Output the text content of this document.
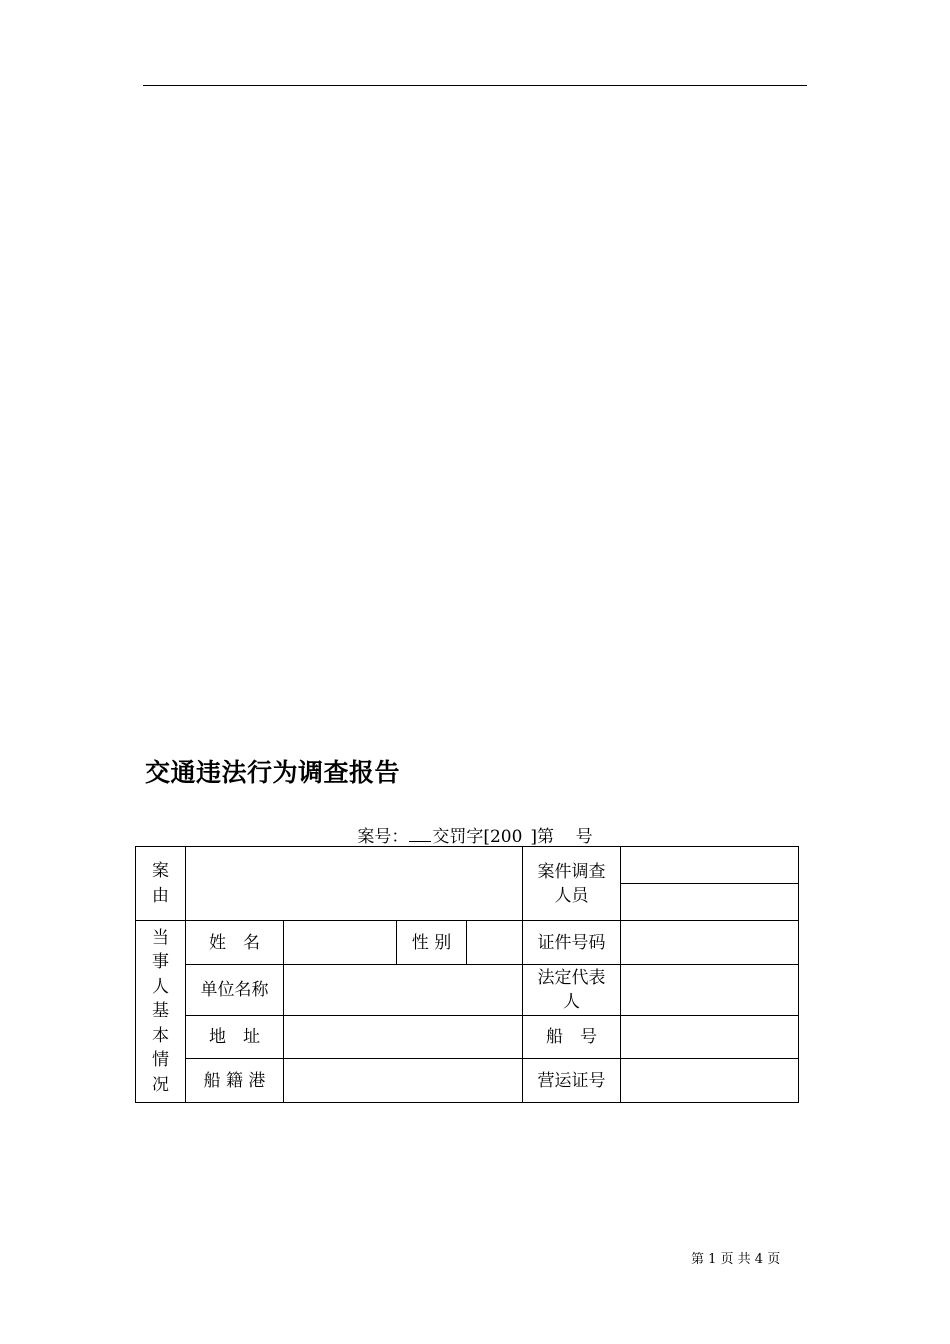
交通违法行为调查报告
案号： 交罚字[200 ]第    号
案由					案件调查人员	

当事人基本情况	姓　名		性 别		证件号码	
	单位名称				法定代表人	
	地　址				船　号	
	船 籍 港				营运证号	
第 1 页 共 4 页
